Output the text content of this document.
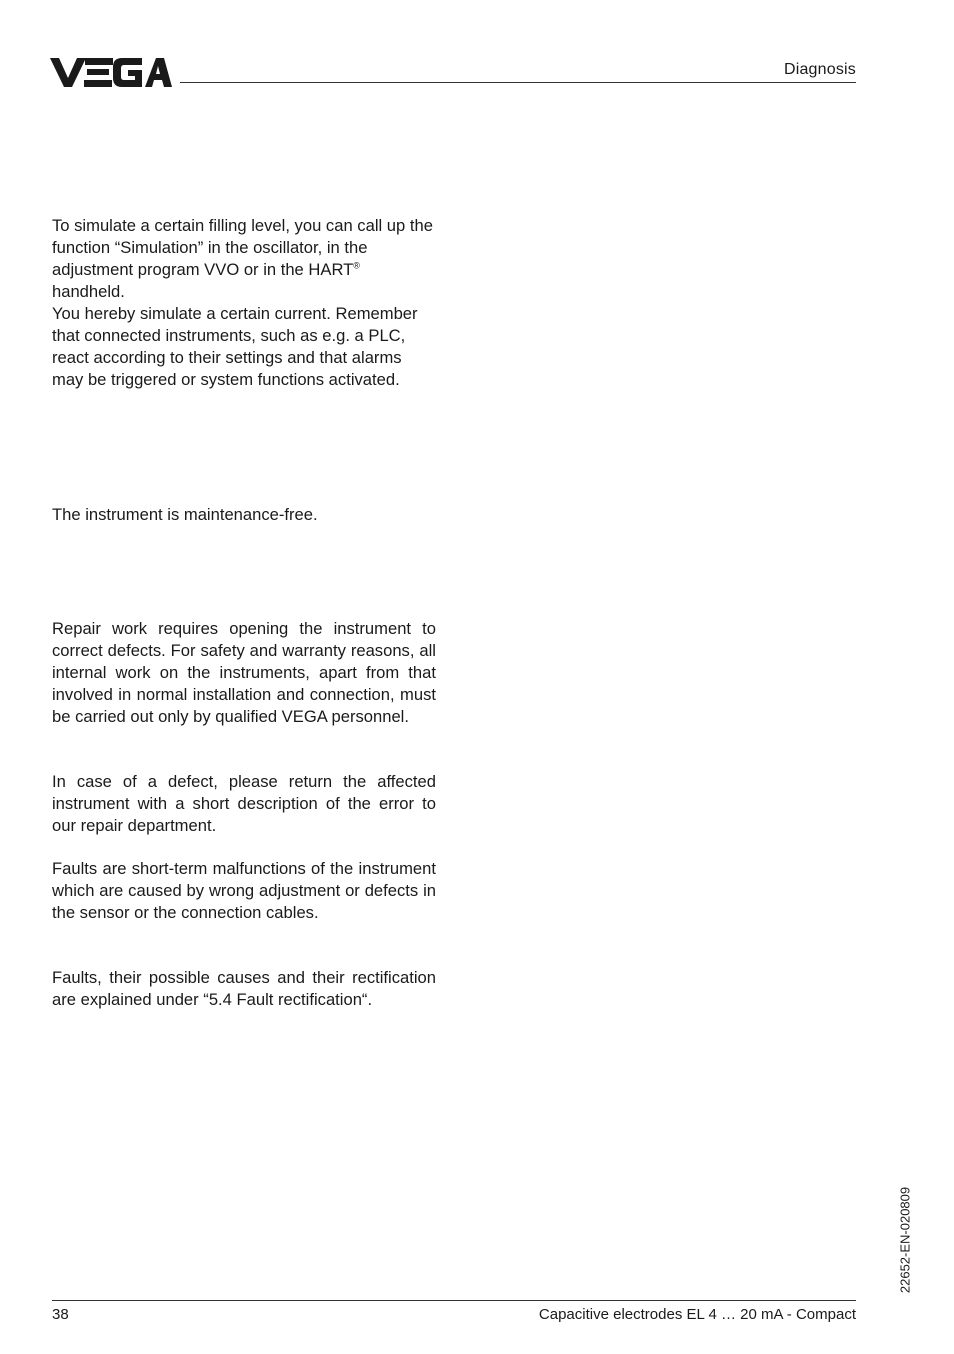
Diagnosis

To simulate a certain filling level, you can call up the function “Simulation” in the oscillator, in the adjustment program VVO or in the HART® handheld.
You hereby simulate a certain current. Remember that connected instruments, such as e.g. a PLC, react according to their settings and that alarms may be triggered or system functions activated.

The instrument is maintenance-free.

Repair work requires opening the instrument to correct defects. For safety and warranty reasons, all internal work on the instruments, apart from that involved in normal installation and connection, must be carried out only by qualified VEGA personnel.

In case of a defect, please return the affected instrument with a short description of the error to our repair department.

Faults are short-term malfunctions of the instrument which are caused by wrong adjustment or defects in the sensor or the connection cables.

Faults, their possible causes and their rectification are explained under “5.4 Fault rectification“.

22652-EN-020809
38	Capacitive electrodes EL 4 … 20 mA - Compact
